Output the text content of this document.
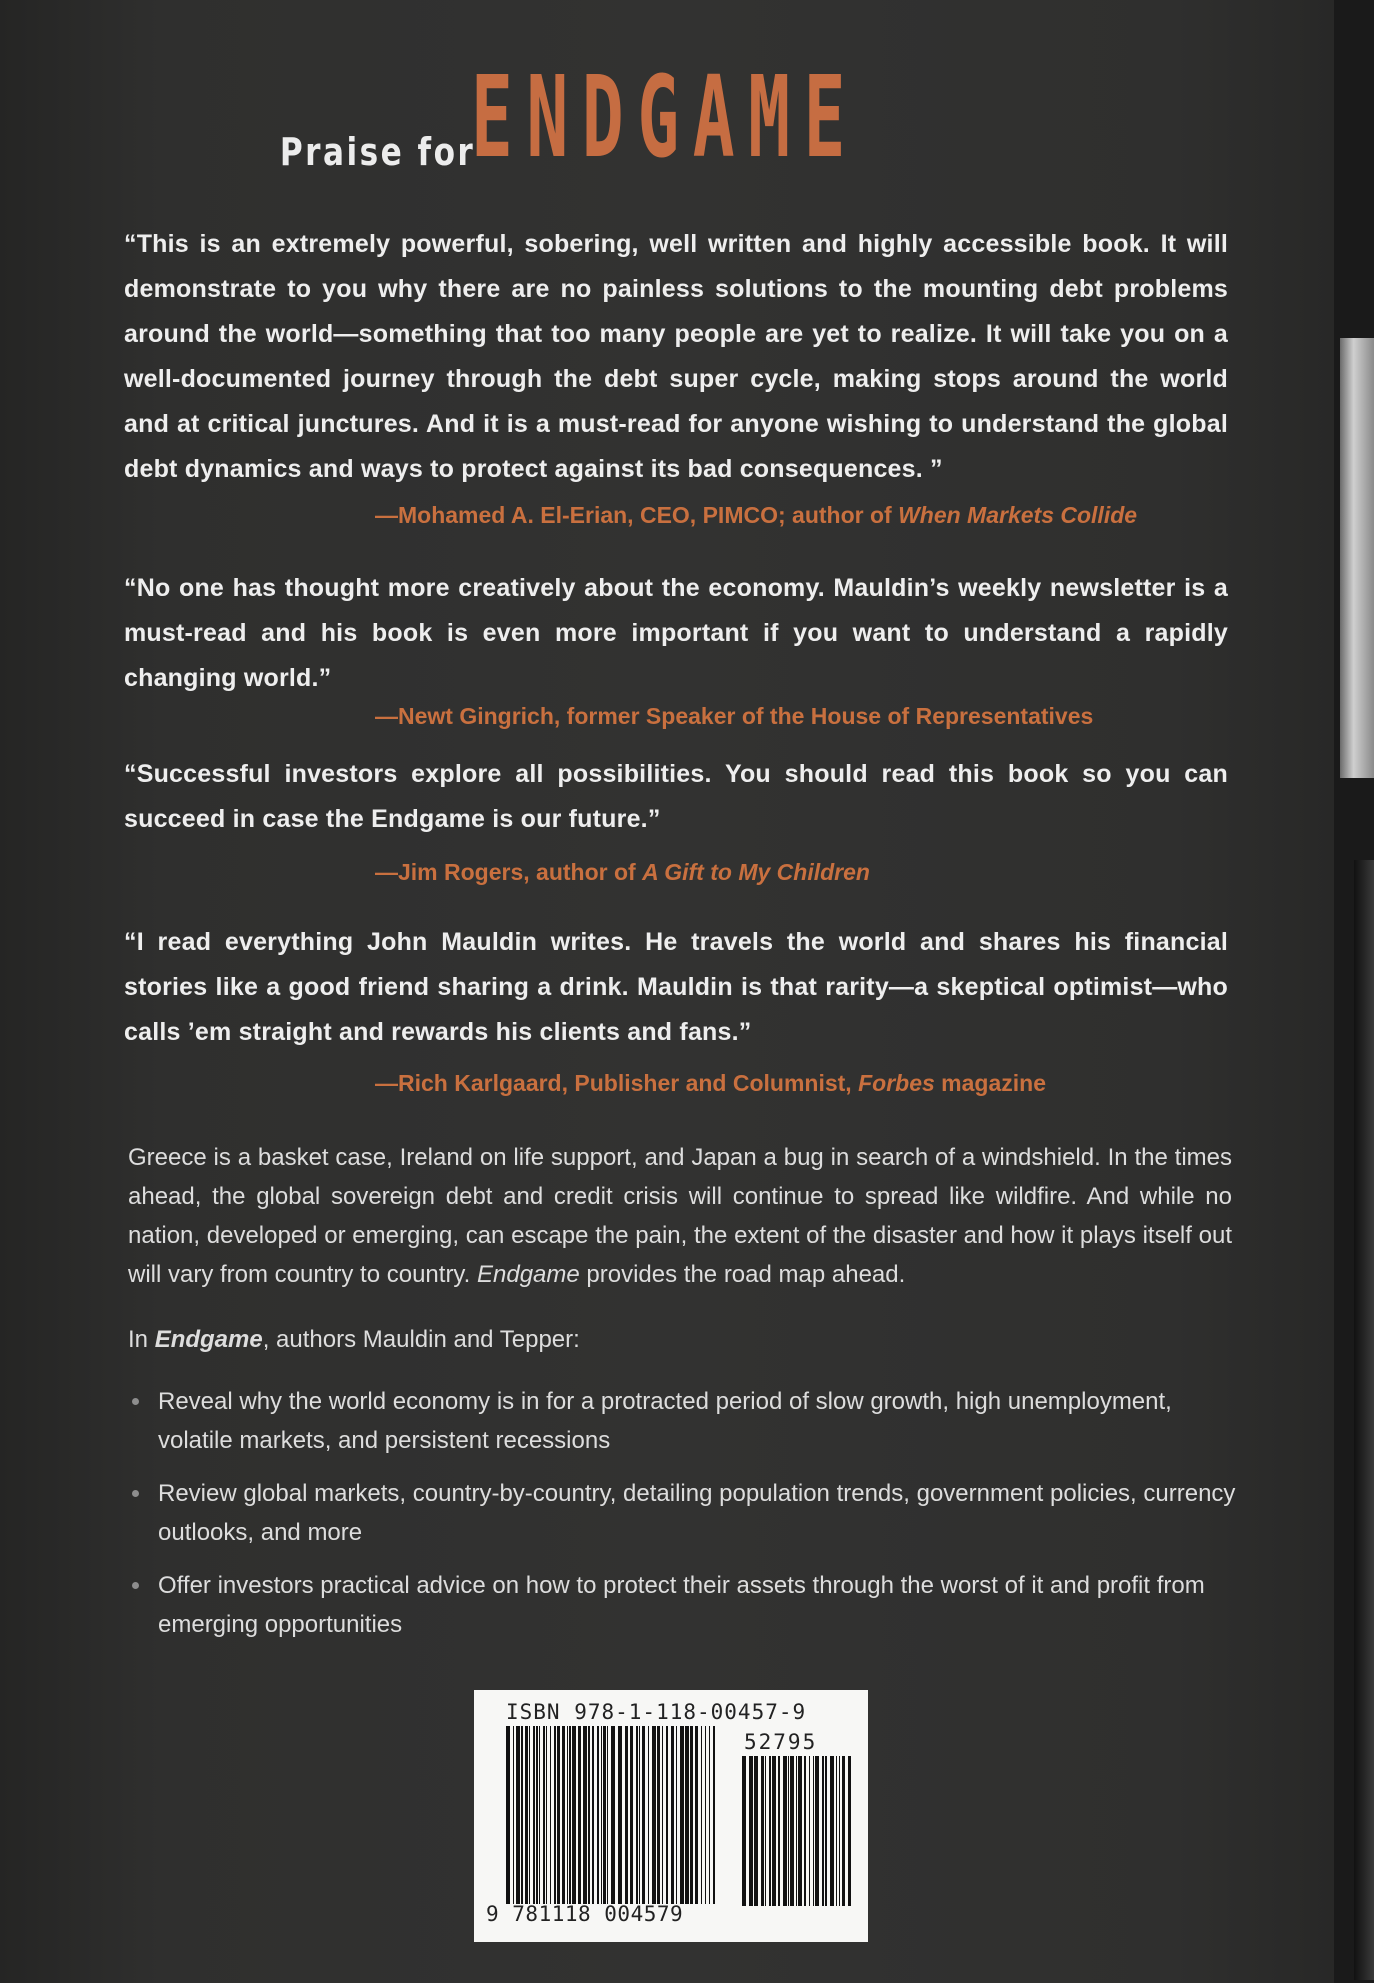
Praise forENDGAME
“This is an extremely powerful, sobering, well written and highly accessible book. It will demonstrate to you why there are no painless solutions to the mounting debt problems around the world—something that too many people are yet to realize. It will take you on a well-documented journey through the debt super cycle, making stops around the world and at critical junctures. And it is a must-read for anyone wishing to understand the global debt dynamics and ways to protect against its bad consequences. ”
—Mohamed A. El-Erian, CEO, PIMCO; author of When Markets Collide
“No one has thought more creatively about the economy. Mauldin’s weekly newsletter is a must-read and his book is even more important if you want to understand a rapidly changing world.”
—Newt Gingrich, former Speaker of the House of Representatives
“Successful investors explore all possibilities. You should read this book so you can succeed in case the Endgame is our future.”
—Jim Rogers, author of A Gift to My Children
“I read everything John Mauldin writes. He travels the world and shares his financial stories like a good friend sharing a drink. Mauldin is that rarity—a skeptical optimist—who calls ’em straight and rewards his clients and fans.”
—Rich Karlgaard, Publisher and Columnist, Forbes magazine
Greece is a basket case, Ireland on life support, and Japan a bug in search of a windshield. In the times ahead, the global sovereign debt and credit crisis will continue to spread like wildfire. And while no nation, developed or emerging, can escape the pain, the extent of the disaster and how it plays itself out will vary from country to country. Endgame provides the road map ahead.
In Endgame, authors Mauldin and Tepper:
Reveal why the world economy is in for a protracted period of slow growth, high unemployment, volatile markets, and persistent recessions
Review global markets, country-by-country, detailing population trends, government policies, currency outlooks, and more
Offer investors practical advice on how to protect their assets through the worst of it and profit from emerging opportunities
ISBN 978-1-118-00457-9
52795
9 781118 004579
